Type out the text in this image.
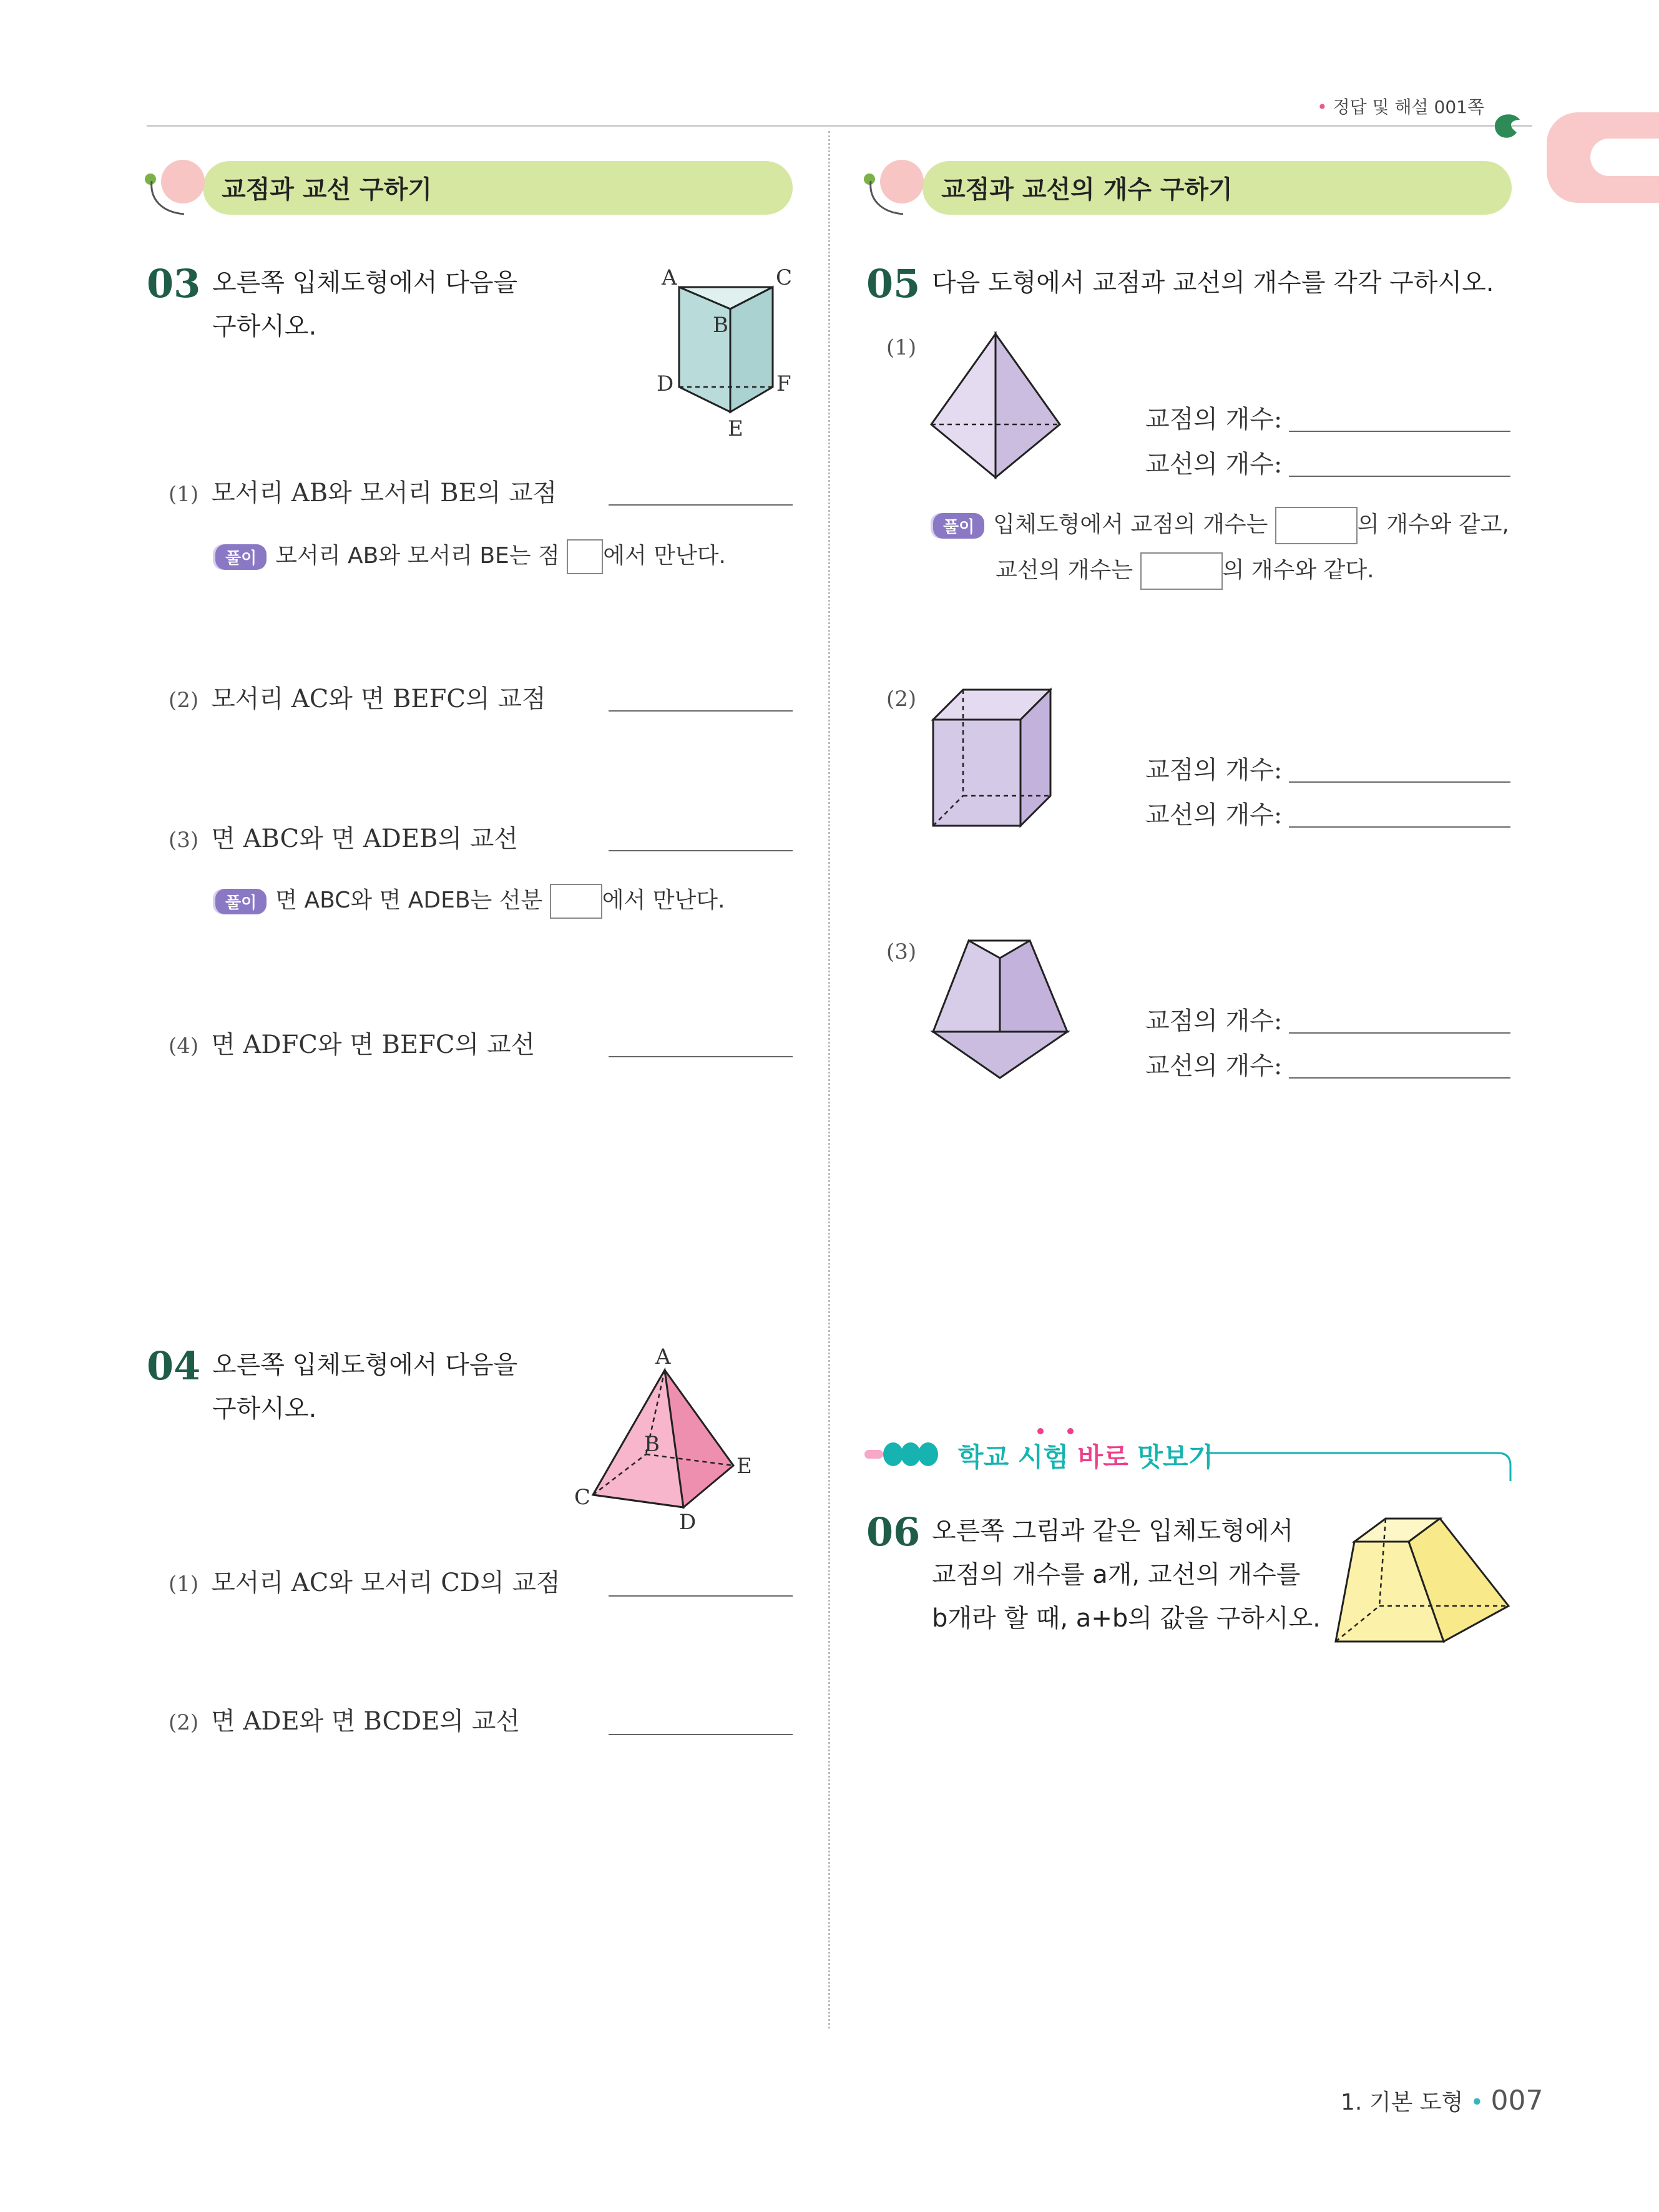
• 정답 및 해설 001쪽
교점과 교선 구하기
03 오른쪽 입체도형에서 다음을
구하시오.
A	C
B
D	F
E
(1) 모서리 AB와 모서리 BE의 교점
풀이 모서리 AB와 모서리 BE는 점 에서 만난다.
(2) 모서리 AC와 면 BEFC의 교점
(3) 면 ABC와 면 ADEB의 교선
풀이 면 ABC와 면 ADEB는 선분	에서 만난다.
(4) 면 ADFC와 면 BEFC의 교선
04 오른쪽 입체도형에서 다음을
구하시오.
A
B
E
C
D
(1) 모서리 AC와 모서리 CD의 교점
(2) 면 ADE와 면 BCDE의 교선
교점과 교선의 개수 구하기
05 다음 도형에서 교점과 교선의 개수를 각각 구하시오.
(1)
교점의 개수:
교선의 개수:
풀이 입체도형에서 교점의 개수는	의 개수와 같고,
교선의 개수는	의 개수와 같다.
(2)
교점의 개수:
교선의 개수:
(3)
교점의 개수:
교선의 개수:
학교 시험 바로 맛보기
06 오른쪽 그림과 같은 입체도형에서
교점의 개수를 a개, 교선의 개수를
b개라 할 때, a+b의 값을 구하시오.
1. 기본 도형 • 007
